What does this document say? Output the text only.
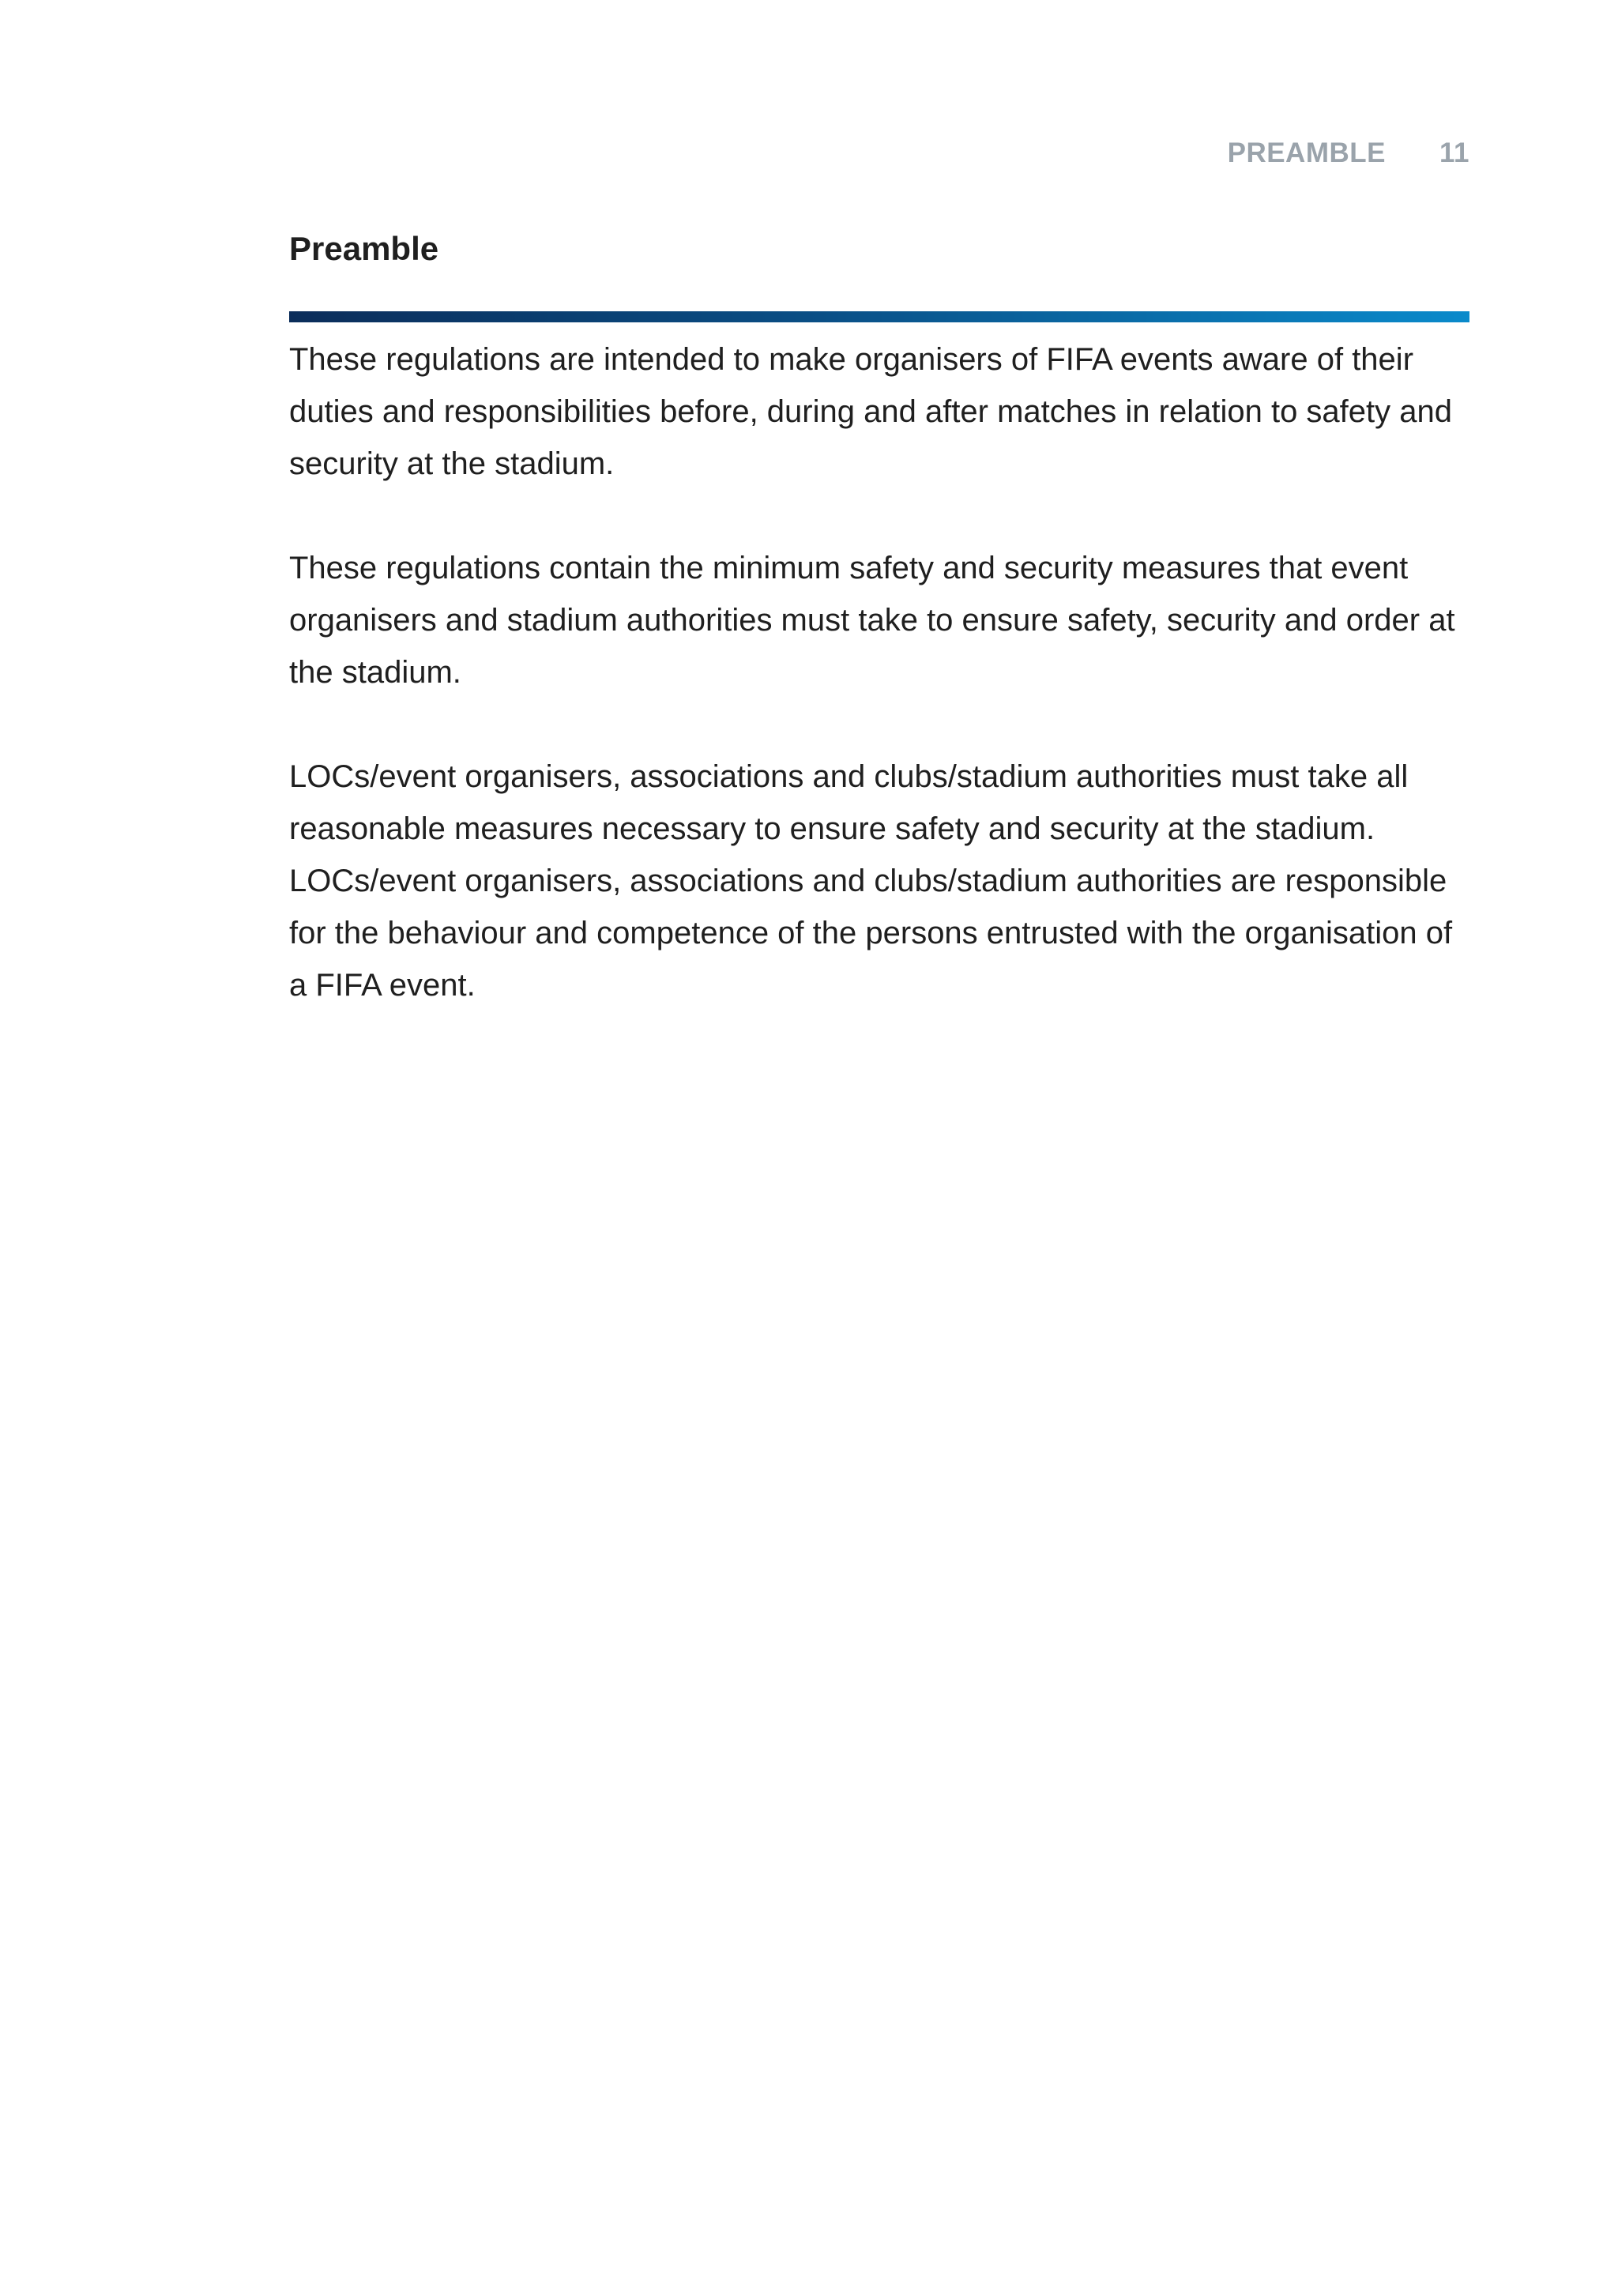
PREAMBLE 11
Preamble

These regulations are intended to make organisers of FIFA events aware of their duties and responsibilities before, during and after matches in relation to safety and security at the stadium.

These regulations contain the minimum safety and security measures that event organisers and stadium authorities must take to ensure safety, security and order at the stadium.

LOCs/event organisers, associations and clubs/stadium authorities must take all reasonable measures necessary to ensure safety and security at the stadium. LOCs/event organisers, associations and clubs/stadium authorities are responsible for the behaviour and competence of the persons entrusted with the organisation of a FIFA event.
